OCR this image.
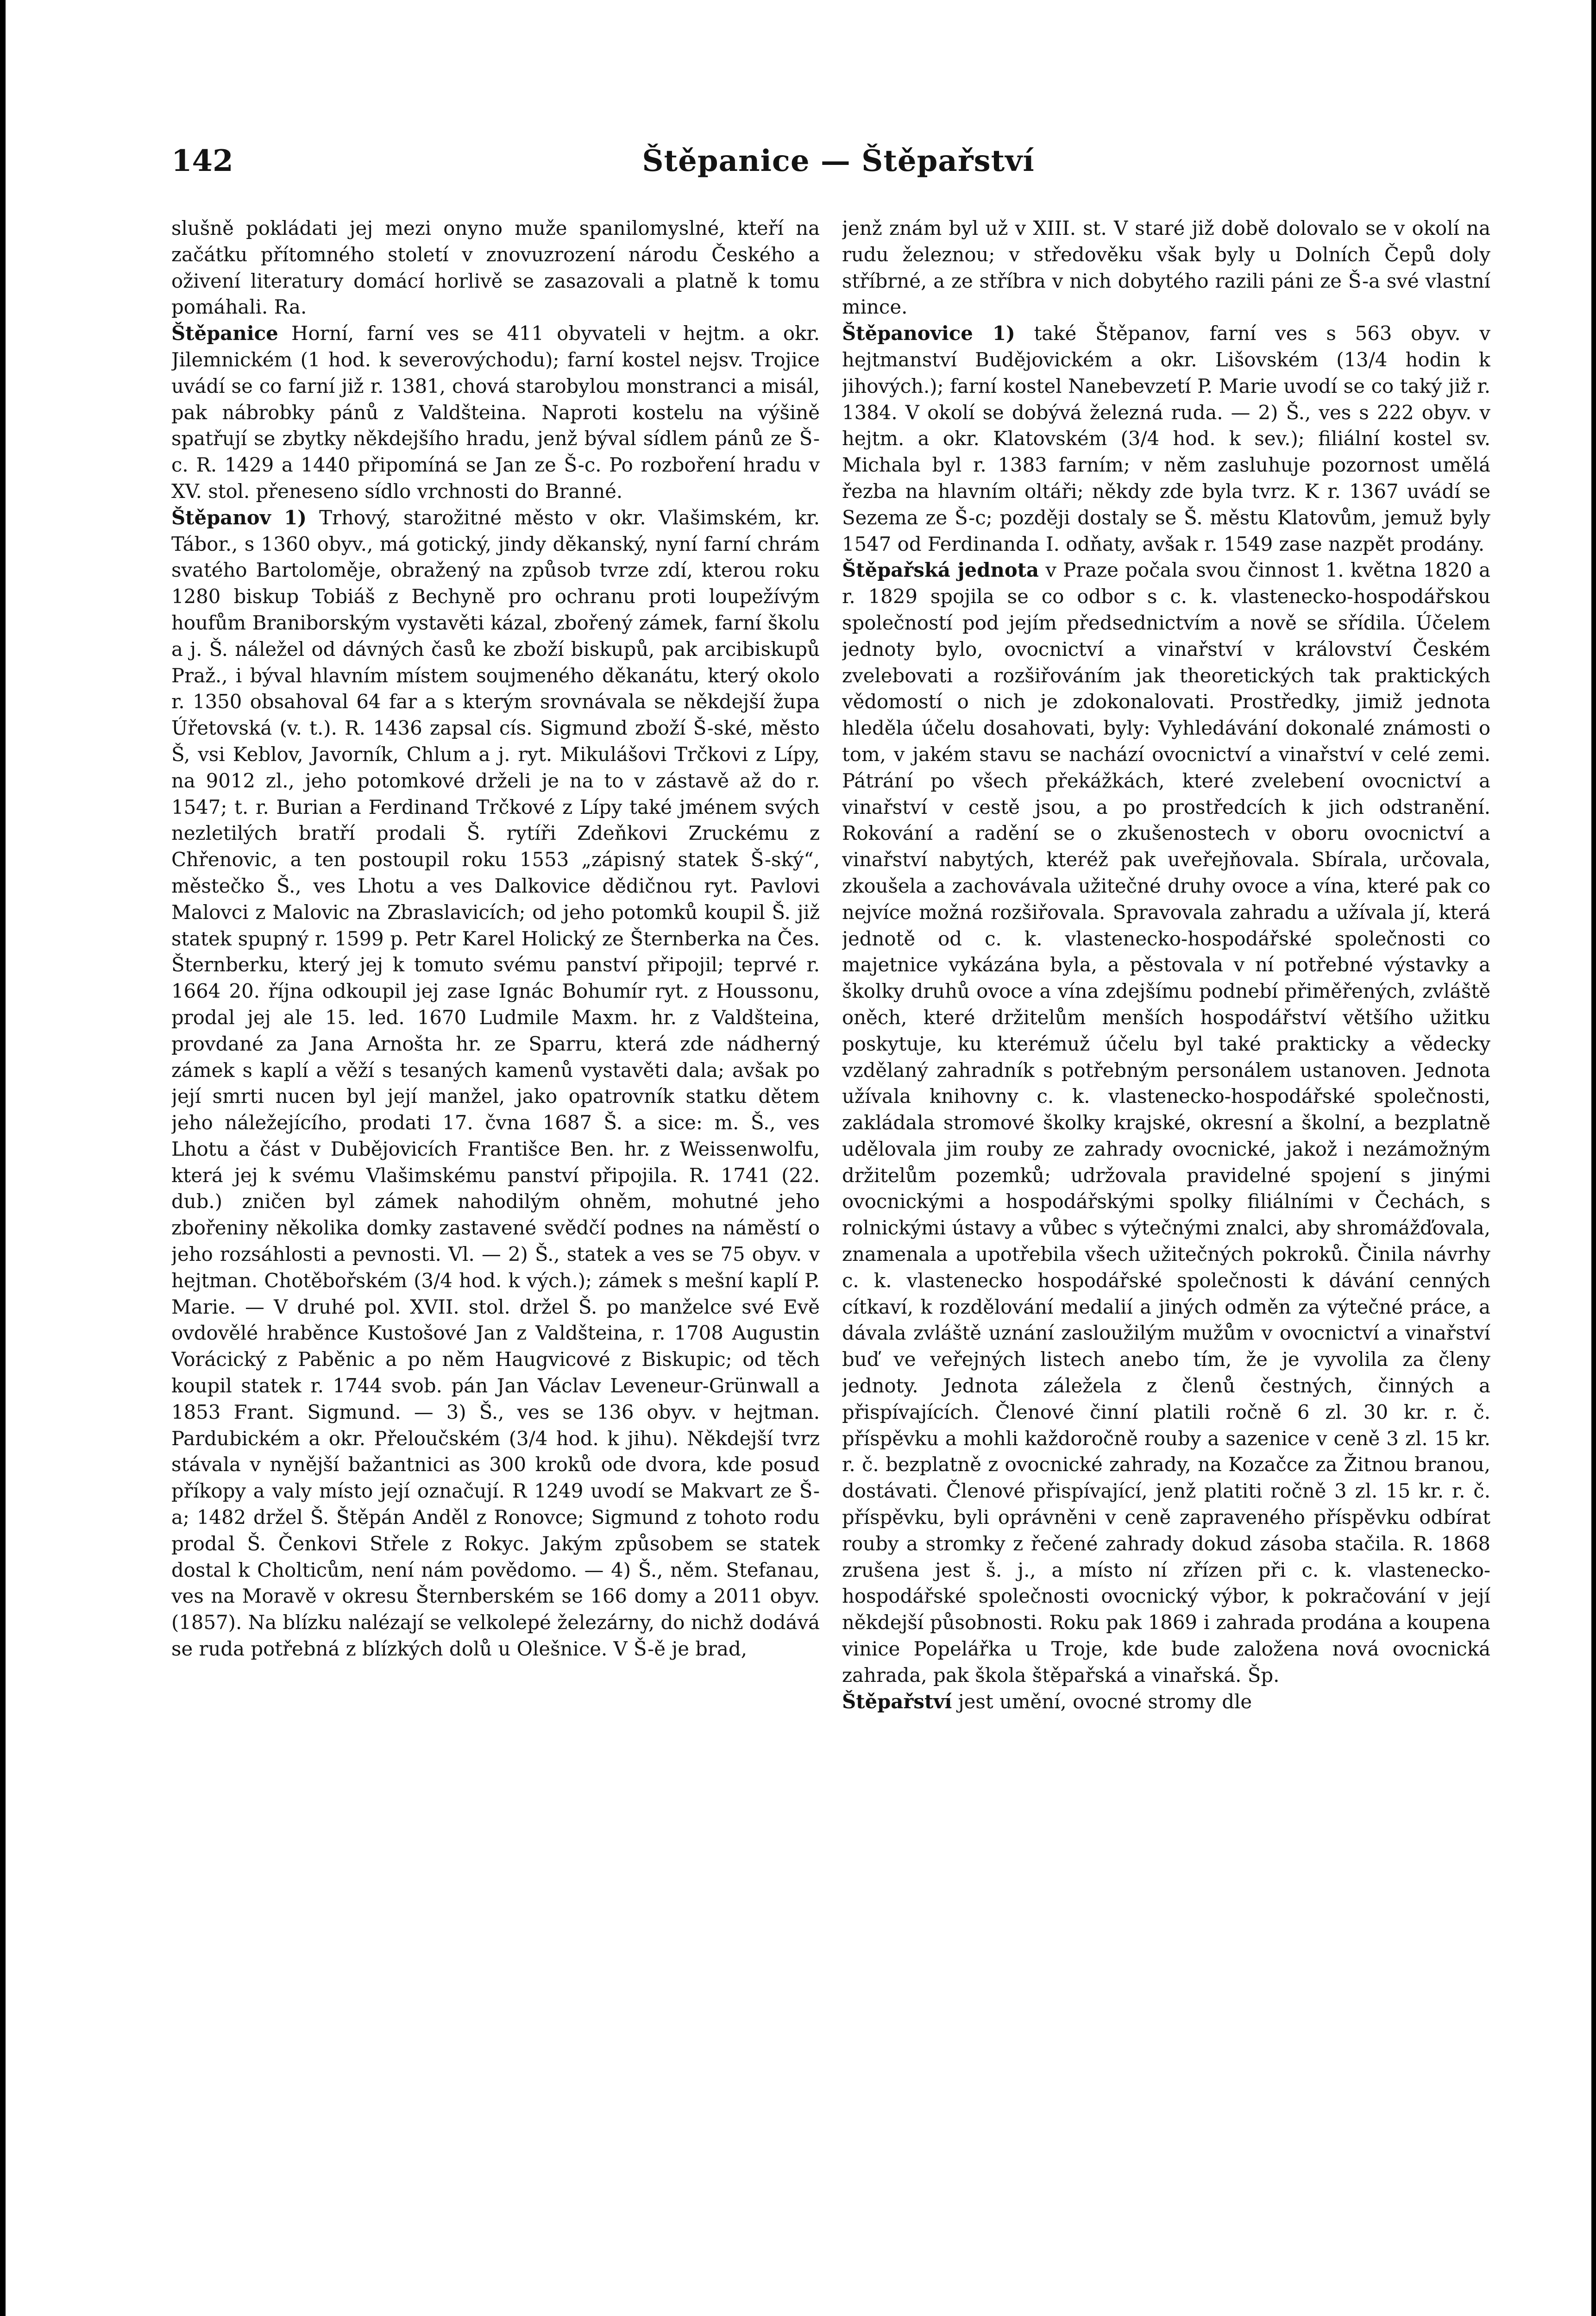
142	Štěpanice — Štěpařství

slušně pokládati jej mezi onyno muže spanilomyslné, kteří na začátku přítomného století v znovuzrození národu Českého a oživení literatury domácí horlivě se zasazovali a platně k tomu pomáhali. Ra.

Štěpanice Horní, farní ves se 411 obyvateli v hejtm. a okr. Jilemnickém (1 hod. k severovýchodu); farní kostel nejsv. Trojice uvádí se co farní již r. 1381, chová starobylou monstranci a misál, pak nábrobky pánů z Valdšteina. Naproti kostelu na výšině spatřují se zbytky někdejšího hradu, jenž býval sídlem pánů ze Š-c. R. 1429 a 1440 připomíná se Jan ze Š-c. Po rozboření hradu v XV. stol. přeneseno sídlo vrchnosti do Branné.

Štěpanov 1) Trhový, starožitné město v okr. Vlašimském, kr. Tábor., s 1360 obyv., má gotický, jindy děkanský, nyní farní chrám svatého Bartoloměje, obražený na způsob tvrze zdí, kterou roku 1280 biskup Tobiáš z Bechyně pro ochranu proti loupežívým houfům Braniborským vystavěti kázal, zbořený zámek, farní školu a j. Š. náležel od dávných časů ke zboží biskupů, pak arcibiskupů Praž., i býval hlavním místem soujmeného děkanátu, který okolo r. 1350 obsahoval 64 far a s kterým srovnávala se někdejší župa Úřetovská (v. t.). R. 1436 zapsal cís. Sigmund zboží Š-ské, město Š, vsi Keblov, Javorník, Chlum a j. ryt. Mikulášovi Trčkovi z Lípy, na 9012 zl., jeho potomkové drželi je na to v zástavě až do r. 1547; t. r. Burian a Ferdinand Trčkové z Lípy také jménem svých nezletilých bratří prodali Š. rytíři Zdeňkovi Zruckému z Chřenovic, a ten postoupil roku 1553 „zápisný statek Š-ský“, městečko Š., ves Lhotu a ves Dalkovice dědičnou ryt. Pavlovi Malovci z Malovic na Zbraslavicích; od jeho potomků koupil Š. již statek spupný r. 1599 p. Petr Karel Holický ze Šternberka na Čes. Šternberku, který jej k tomuto svému panství připojil; teprvé r. 1664 20. října odkoupil jej zase Ignác Bohumír ryt. z Houssonu, prodal jej ale 15. led. 1670 Ludmile Maxm. hr. z Valdšteina, provdané za Jana Arnošta hr. ze Sparru, která zde nádherný zámek s kaplí a věží s tesaných kamenů vystavěti dala; avšak po její smrti nucen byl její manžel, jako opatrovník statku dětem jeho náležejícího, prodati 17. čvna 1687 Š. a sice: m. Š., ves Lhotu a část v Dubějovicích Františce Ben. hr. z Weissenwolfu, která jej k svému Vlašimskému panství připojila. R. 1741 (22. dub.) zničen byl zámek nahodilým ohněm, mohutné jeho zbořeniny několika domky zastavené svědčí podnes na náměstí o jeho rozsáhlosti a pevnosti. Vl. — 2) Š., statek a ves se 75 obyv. v hejtman. Chotěbořském (3/4 hod. k vých.); zámek s mešní kaplí P. Marie. — V druhé pol. XVII. stol. držel Š. po manželce své Evě ovdovělé hraběnce Kustošové Jan z Valdšteina, r. 1708 Augustin Vorácický z Paběnic a po něm Haugvicové z Biskupic; od těch koupil statek r. 1744 svob. pán Jan Václav Leveneur-Grünwall a 1853 Frant. Sigmund. — 3) Š., ves se 136 obyv. v hejtman. Pardubickém a okr. Přeloučském (3/4 hod. k jihu). Někdejší tvrz stávala v nynější bažantnici as 300 kroků ode dvora, kde posud příkopy a valy místo její označují. R 1249 uvodí se Makvart ze Š-a; 1482 držel Š. Štěpán Anděl z Ronovce; Sigmund z tohoto rodu prodal Š. Čenkovi Střele z Rokyc. Jakým způsobem se statek dostal k Cholticům, není nám povědomo. — 4) Š., něm. Stefanau, ves na Moravě v okresu Šternberském se 166 domy a 2011 obyv. (1857). Na blízku nalézají se velkolepé železárny, do nichž dodává se ruda potřebná z blízkých dolů u Olešnice. V Š-ě je brad,

jenž znám byl už v XIII. st. V staré již době dolovalo se v okolí na rudu železnou; v středověku však byly u Dolních Čepů doly stříbrné, a ze stříbra v nich dobytého razili páni ze Š-a své vlastní mince.

Štěpanovice 1) také Štěpanov, farní ves s 563 obyv. v hejtmanství Budějovickém a okr. Lišovském (13/4 hodin k jihových.); farní kostel Nanebevzetí P. Marie uvodí se co taký již r. 1384. V okolí se dobývá železná ruda. — 2) Š., ves s 222 obyv. v hejtm. a okr. Klatovském (3/4 hod. k sev.); filiální kostel sv. Michala byl r. 1383 farním; v něm zasluhuje pozornost umělá řezba na hlavním oltáři; někdy zde byla tvrz. K r. 1367 uvádí se Sezema ze Š-c; později dostaly se Š. městu Klatovům, jemuž byly 1547 od Ferdinanda I. odňaty, avšak r. 1549 zase nazpět prodány.

Štěpařská jednota v Praze počala svou činnost 1. května 1820 a r. 1829 spojila se co odbor s c. k. vlastenecko-hospodářskou společností pod jejím předsednictvím a nově se sřídila. Účelem jednoty bylo, ovocnictví a vinařství v království Českém zvelebovati a rozšiřováním jak theoretických tak praktických vědomostí o nich je zdokonalovati. Prostředky, jimiž jednota hleděla účelu dosahovati, byly: Vyhledávání dokonalé známosti o tom, v jakém stavu se nachází ovocnictví a vinařství v celé zemi. Pátrání po všech překážkách, které zvelebení ovocnictví a vinařství v cestě jsou, a po prostředcích k jich odstranění. Rokování a radění se o zkušenostech v oboru ovocnictví a vinařství nabytých, kteréž pak uveřejňovala. Sbírala, určovala, zkoušela a zachovávala užitečné druhy ovoce a vína, které pak co nejvíce možná rozšiřovala. Spravovala zahradu a užívala jí, která jednotě od c. k. vlastenecko-hospodářské společnosti co majetnice vykázána byla, a pěstovala v ní potřebné výstavky a školky druhů ovoce a vína zdejšímu podnebí přiměřených, zvláště oněch, které držitelům menších hospodářství většího užitku poskytuje, ku kterémuž účelu byl také prakticky a vědecky vzdělaný zahradník s potřebným personálem ustanoven. Jednota užívala knihovny c. k. vlastenecko-hospodářské společnosti, zakládala stromové školky krajské, okresní a školní, a bezplatně udělovala jim rouby ze zahrady ovocnické, jakož i nezámožným držitelům pozemků; udržovala pravidelné spojení s jinými ovocnickými a hospodářskými spolky filiálními v Čechách, s rolnickými ústavy a vůbec s výtečnými znalci, aby shromážďovala, znamenala a upotřebila všech užitečných pokroků. Činila návrhy c. k. vlastenecko hospodářské společnosti k dávání cenných cítkaví, k rozdělování medalií a jiných odměn za výtečné práce, a dávala zvláště uznání zasloužilým mužům v ovocnictví a vinařství buď ve veřejných listech anebo tím, že je vyvolila za členy jednoty. Jednota záležela z členů čestných, činných a přispívajících. Členové činní platili ročně 6 zl. 30 kr. r. č. příspěvku a mohli každoročně rouby a sazenice v ceně 3 zl. 15 kr. r. č. bezplatně z ovocnické zahrady, na Kozačce za Žitnou branou, dostávati. Členové přispívající, jenž platiti ročně 3 zl. 15 kr. r. č. příspěvku, byli oprávněni v ceně zapraveného příspěvku odbírat rouby a stromky z řečené zahrady dokud zásoba stačila. R. 1868 zrušena jest š. j., a místo ní zřízen při c. k. vlastenecko-hospodářské společnosti ovocnický výbor, k pokračování v její někdejší působnosti. Roku pak 1869 i zahrada prodána a koupena vinice Popelářka u Troje, kde bude založena nová ovocnická zahrada, pak škola štěpařská a vinařská. Šp.

Štěpařství jest umění, ovocné stromy dle
